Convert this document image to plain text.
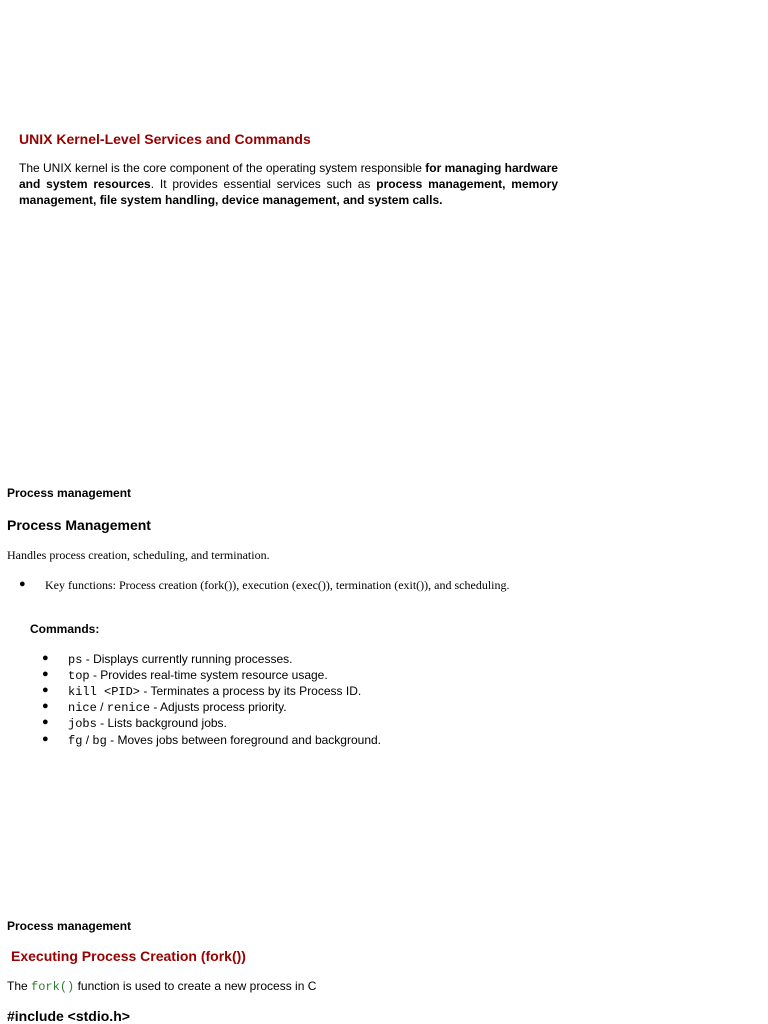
UNIX Kernel-Level Services and Commands
The UNIX kernel is the core component of the operating system responsible for managing hardware and system resources. It provides essential services such as process management, memory management, file system handling, device management, and system calls.
Process management
Process Management
Handles process creation, scheduling, and termination.
● Key functions: Process creation (fork()), execution (exec()), termination (exit()), and scheduling.
Commands:
● ps - Displays currently running processes.
● top - Provides real-time system resource usage.
● kill <PID> - Terminates a process by its Process ID.
● nice / renice - Adjusts process priority.
● jobs - Lists background jobs.
● fg / bg - Moves jobs between foreground and background.
Process management
Executing Process Creation (fork())
The fork() function is used to create a new process in C
#include <stdio.h>
